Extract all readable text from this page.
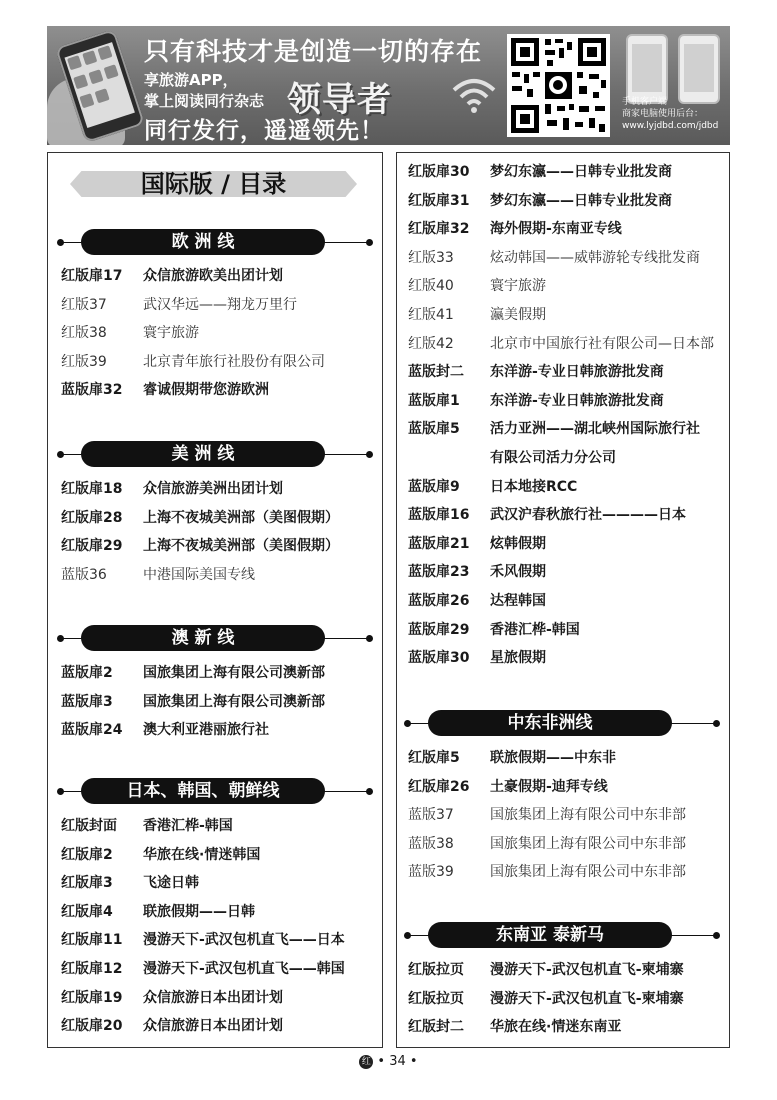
只有科技才是创造一切的存在
享旅游APP，
掌上阅读同行杂志 领导者
同行发行，遥遥领先！
手机客户端
商家电脑使用后台：
www.lyjdbd.com/jdbd
国际版 / 目录
欧 洲 线
红版扉17 众信旅游欧美出团计划
红版37	武汉华远——翔龙万里行
红版38	寰宇旅游
红版39	北京青年旅行社股份有限公司
蓝版扉32 睿诚假期带您游欧洲
美 洲 线
红版扉18 众信旅游美洲出团计划
红版扉28 上海不夜城美洲部（美图假期）
红版扉29 上海不夜城美洲部（美图假期）
蓝版36	中港国际美国专线
澳 新 线
蓝版扉2 国旅集团上海有限公司澳新部
蓝版扉3 国旅集团上海有限公司澳新部
蓝版扉24 澳大利亚港丽旅行社
日本、韩国、朝鲜线
红版封面 香港汇桦-韩国
红版扉2 华旅在线·情迷韩国
红版扉3 飞途日韩
红版扉4 联旅假期——日韩
红版扉11 漫游天下-武汉包机直飞——日本
红版扉12 漫游天下-武汉包机直飞——韩国
红版扉19 众信旅游日本出团计划
红版扉20 众信旅游日本出团计划
红版扉30 梦幻东瀛——日韩专业批发商
红版扉31 梦幻东瀛——日韩专业批发商
红版扉32 海外假期-东南亚专线
红版33	炫动韩国——威韩游轮专线批发商
红版40	寰宇旅游
红版41	瀛美假期
红版42	北京市中国旅行社有限公司—日本部
蓝版封二 东洋游-专业日韩旅游批发商
蓝版扉1 东洋游-专业日韩旅游批发商
蓝版扉5 活力亚洲——湖北峡州国际旅行社
有限公司活力分公司
蓝版扉9 日本地接RCC
蓝版扉16 武汉沪春秋旅行社————日本
蓝版扉21 炫韩假期
蓝版扉23 禾风假期
蓝版扉26 达程韩国
蓝版扉29 香港汇桦-韩国
蓝版扉30 星旅假期
中东非洲线
红版扉5 联旅假期——中东非
红版扉26 土豪假期-迪拜专线
蓝版37	国旅集团上海有限公司中东非部
蓝版38	国旅集团上海有限公司中东非部
蓝版39	国旅集团上海有限公司中东非部
东南亚 泰新马
红版拉页 漫游天下-武汉包机直飞-柬埔寨
红版拉页 漫游天下-武汉包机直飞-柬埔寨
红版封二 华旅在线·情迷东南亚
红 • 34 •
